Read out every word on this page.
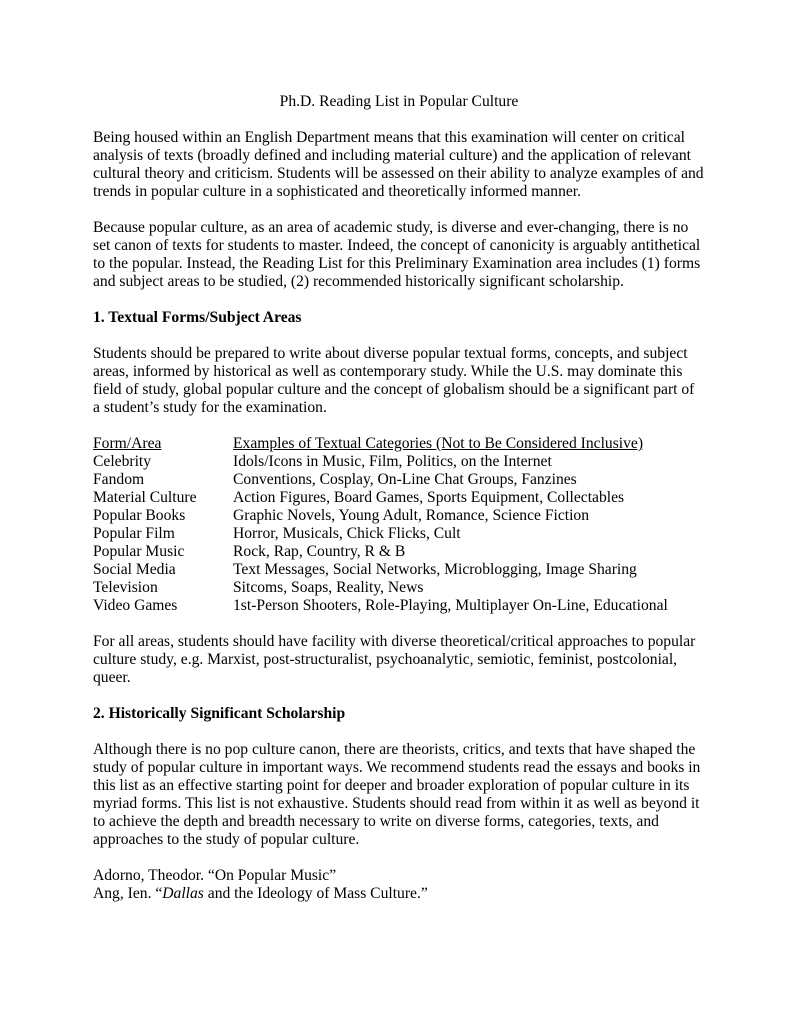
Ph.D. Reading List in Popular Culture

Being housed within an English Department means that this examination will center on critical analysis of texts (broadly defined and including material culture) and the application of relevant cultural theory and criticism. Students will be assessed on their ability to analyze examples of and trends in popular culture in a sophisticated and theoretically informed manner.

Because popular culture, as an area of academic study, is diverse and ever-changing, there is no set canon of texts for students to master. Indeed, the concept of canonicity is arguably antithetical to the popular. Instead, the Reading List for this Preliminary Examination area includes (1) forms and subject areas to be studied, (2) recommended historically significant scholarship.

1. Textual Forms/Subject Areas

Students should be prepared to write about diverse popular textual forms, concepts, and subject areas, informed by historical as well as contemporary study. While the U.S. may dominate this field of study, global popular culture and the concept of globalism should be a significant part of a student’s study for the examination.

Form/Area	Examples of Textual Categories (Not to Be Considered Inclusive)
Celebrity	Idols/Icons in Music, Film, Politics, on the Internet
Fandom	Conventions, Cosplay, On-Line Chat Groups, Fanzines
Material Culture	Action Figures, Board Games, Sports Equipment, Collectables
Popular Books	Graphic Novels, Young Adult, Romance, Science Fiction
Popular Film	Horror, Musicals, Chick Flicks, Cult
Popular Music	Rock, Rap, Country, R & B
Social Media	Text Messages, Social Networks, Microblogging, Image Sharing
Television	Sitcoms, Soaps, Reality, News
Video Games	1st-Person Shooters, Role-Playing, Multiplayer On-Line, Educational

For all areas, students should have facility with diverse theoretical/critical approaches to popular culture study, e.g. Marxist, post-structuralist, psychoanalytic, semiotic, feminist, postcolonial, queer.

2. Historically Significant Scholarship

Although there is no pop culture canon, there are theorists, critics, and texts that have shaped the study of popular culture in important ways. We recommend students read the essays and books in this list as an effective starting point for deeper and broader exploration of popular culture in its myriad forms. This list is not exhaustive. Students should read from within it as well as beyond it to achieve the depth and breadth necessary to write on diverse forms, categories, texts, and approaches to the study of popular culture.

Adorno, Theodor. “On Popular Music”

Ang, Ien. “Dallas and the Ideology of Mass Culture.”
